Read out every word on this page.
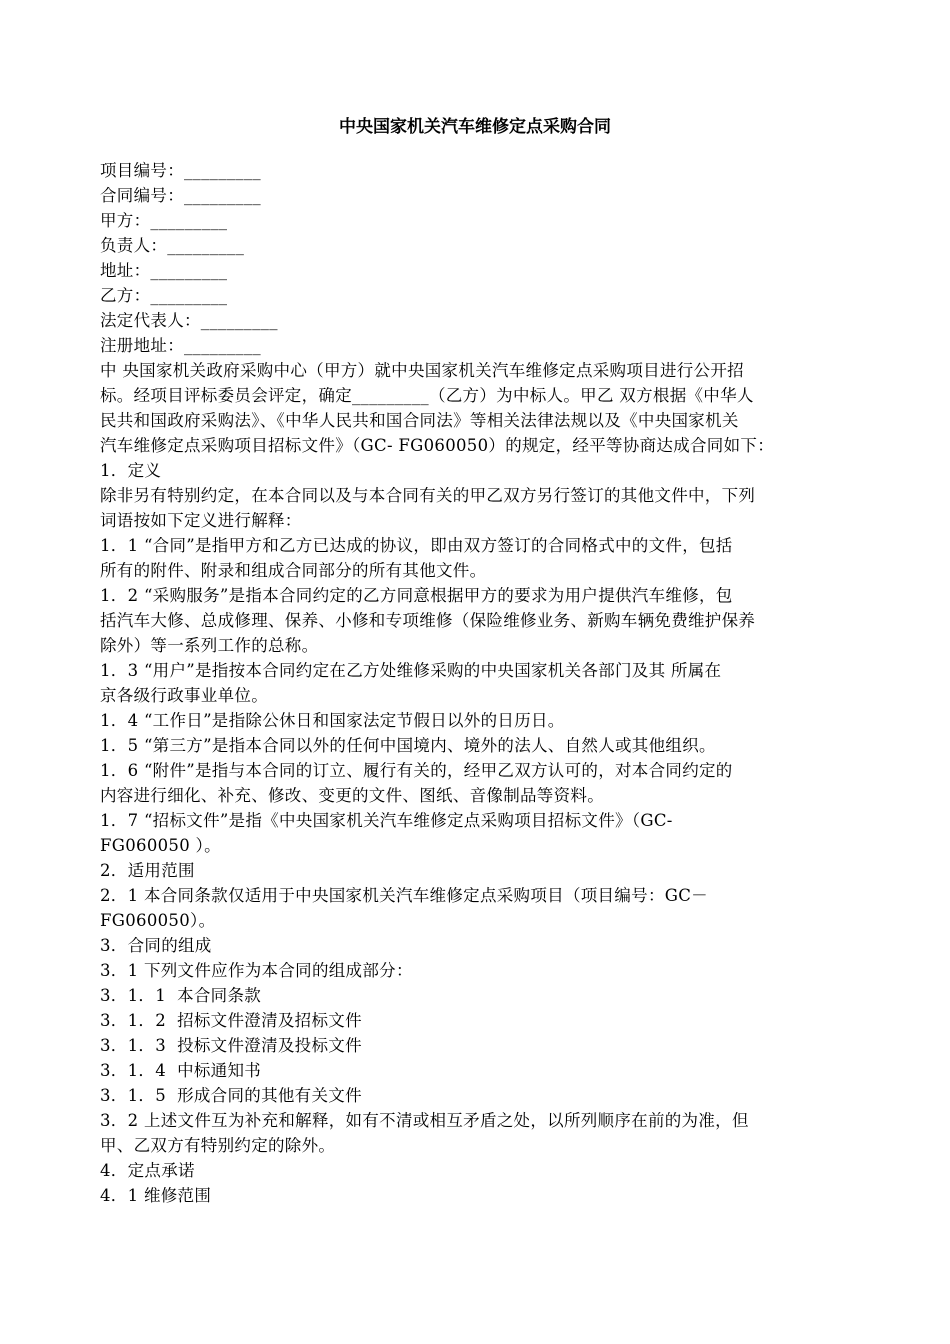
中央国家机关汽车维修定点采购合同
项目编号：_________
合同编号：_________
甲方：_________
负责人：_________
地址：_________
乙方：_________
法定代表人：_________
注册地址：_________
中 央国家机关政府采购中心（甲方）就中央国家机关汽车维修定点采购项目进行公开招
标。经项目评标委员会评定，确定_________（乙方）为中标人。甲乙 双方根据《中华人
民共和国政府采购法》、《中华人民共和国合同法》等相关法律法规以及《中央国家机关
汽车维修定点采购项目招标文件》（GC- FG060050）的规定，经平等协商达成合同如下：
1．定义
除非另有特别约定，在本合同以及与本合同有关的甲乙双方另行签订的其他文件中，下列
词语按如下定义进行解释：
1．1 “合同”是指甲方和乙方已达成的协议，即由双方签订的合同格式中的文件，包括
所有的附件、附录和组成合同部分的所有其他文件。
1．2 “采购服务”是指本合同约定的乙方同意根据甲方的要求为用户提供汽车维修，包
括汽车大修、总成修理、保养、小修和专项维修（保险维修业务、新购车辆免费维护保养
除外）等一系列工作的总称。
1．3 “用户”是指按本合同约定在乙方处维修采购的中央国家机关各部门及其 所属在
京各级行政事业单位。
1．4 “工作日”是指除公休日和国家法定节假日以外的日历日。
1．5 “第三方”是指本合同以外的任何中国境内、境外的法人、自然人或其他组织。
1．6 “附件”是指与本合同的订立、履行有关的，经甲乙双方认可的，对本合同约定的
内容进行细化、补充、修改、变更的文件、图纸、音像制品等资料。
1．7 “招标文件”是指《中央国家机关汽车维修定点采购项目招标文件》（GC-
FG060050 ）。
2．适用范围
2．1 本合同条款仅适用于中央国家机关汽车维修定点采购项目（项目编号：GC－
FG060050）。
3．合同的组成
3．1 下列文件应作为本合同的组成部分：
3．1．1  本合同条款
3．1．2  招标文件澄清及招标文件
3．1．3  投标文件澄清及投标文件
3．1．4  中标通知书
3．1．5  形成合同的其他有关文件
3．2 上述文件互为补充和解释，如有不清或相互矛盾之处，以所列顺序在前的为准，但
甲、乙双方有特别约定的除外。
4．定点承诺
4．1 维修范围
